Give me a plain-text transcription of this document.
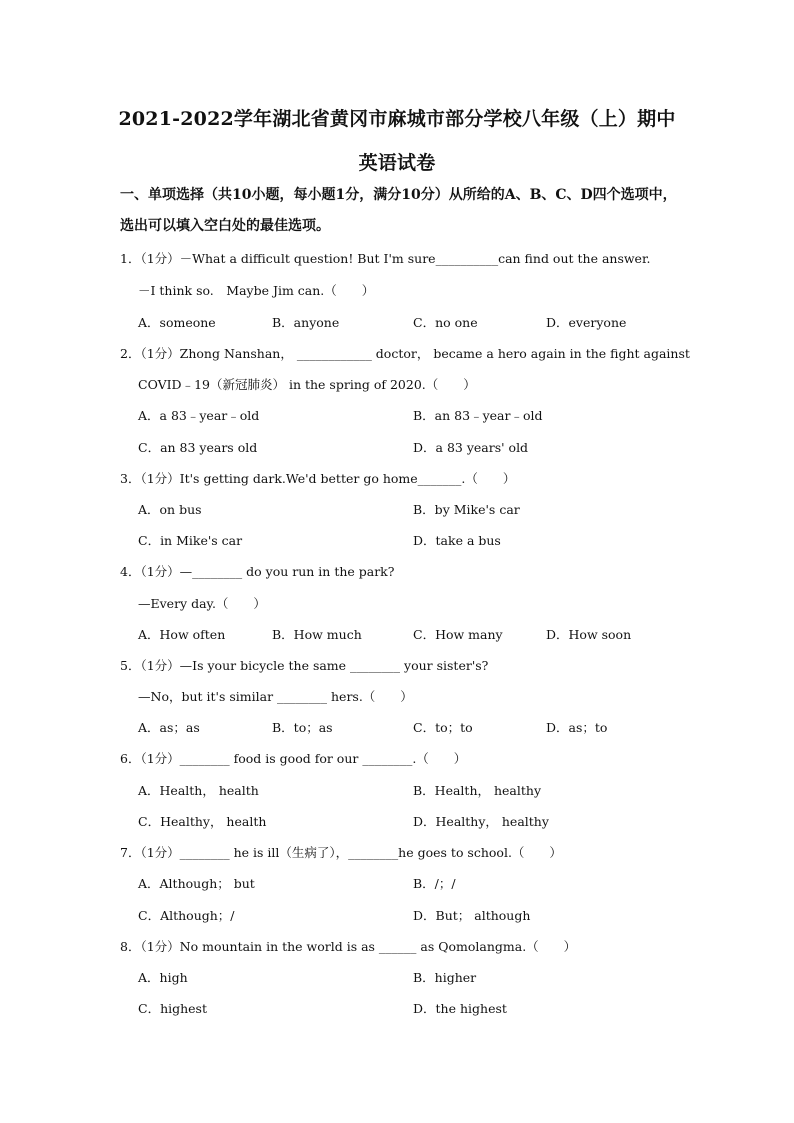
2021-2022学年湖北省黄冈市麻城市部分学校八年级（上）期中
英语试卷
一、单项选择（共10小题，每小题1分，满分10分）从所给的A、B、C、D四个选项中，
选出可以填入空白处的最佳选项。
1．（1分）－What a difficult question! But I'm sure__________can find out the answer.
－I think so.　Maybe Jim can.（　　）
A．someone	B．anyone	C．no one	D．everyone
2．（1分）Zhong Nanshan， ____________ doctor， became a hero again in the fight against
COVID﹣19（新冠肺炎） in the spring of 2020.（　　）
A．a 83﹣year﹣old	B．an 83﹣year﹣old
C．an 83 years old	D．a 83 years' old
3．（1分）It's getting dark.We'd better go home_______.（　　）
A．on bus	B．by Mike's car
C．in Mike's car	D．take a bus
4．（1分）—________ do you run in the park?
—Every day.（　　）
A．How often	B．How much	C．How many	D．How soon
5．（1分）—Is your bicycle the same ________ your sister's?
—No，but it's similar ________ hers.（　　）
A．as；as	B．to；as	C．to；to	D．as；to
6．（1分）________ food is good for our ________.（　　）
A．Health， health	B．Health， healthy
C．Healthy， health	D．Healthy， healthy
7．（1分）________ he is ill（生病了），________he goes to school.（　　）
A．Although； but	B．/；/
C．Although；/	D．But； although
8．（1分）No mountain in the world is as ______ as Qomolangma.（　　）
A．high	B．higher
C．highest	D．the highest
